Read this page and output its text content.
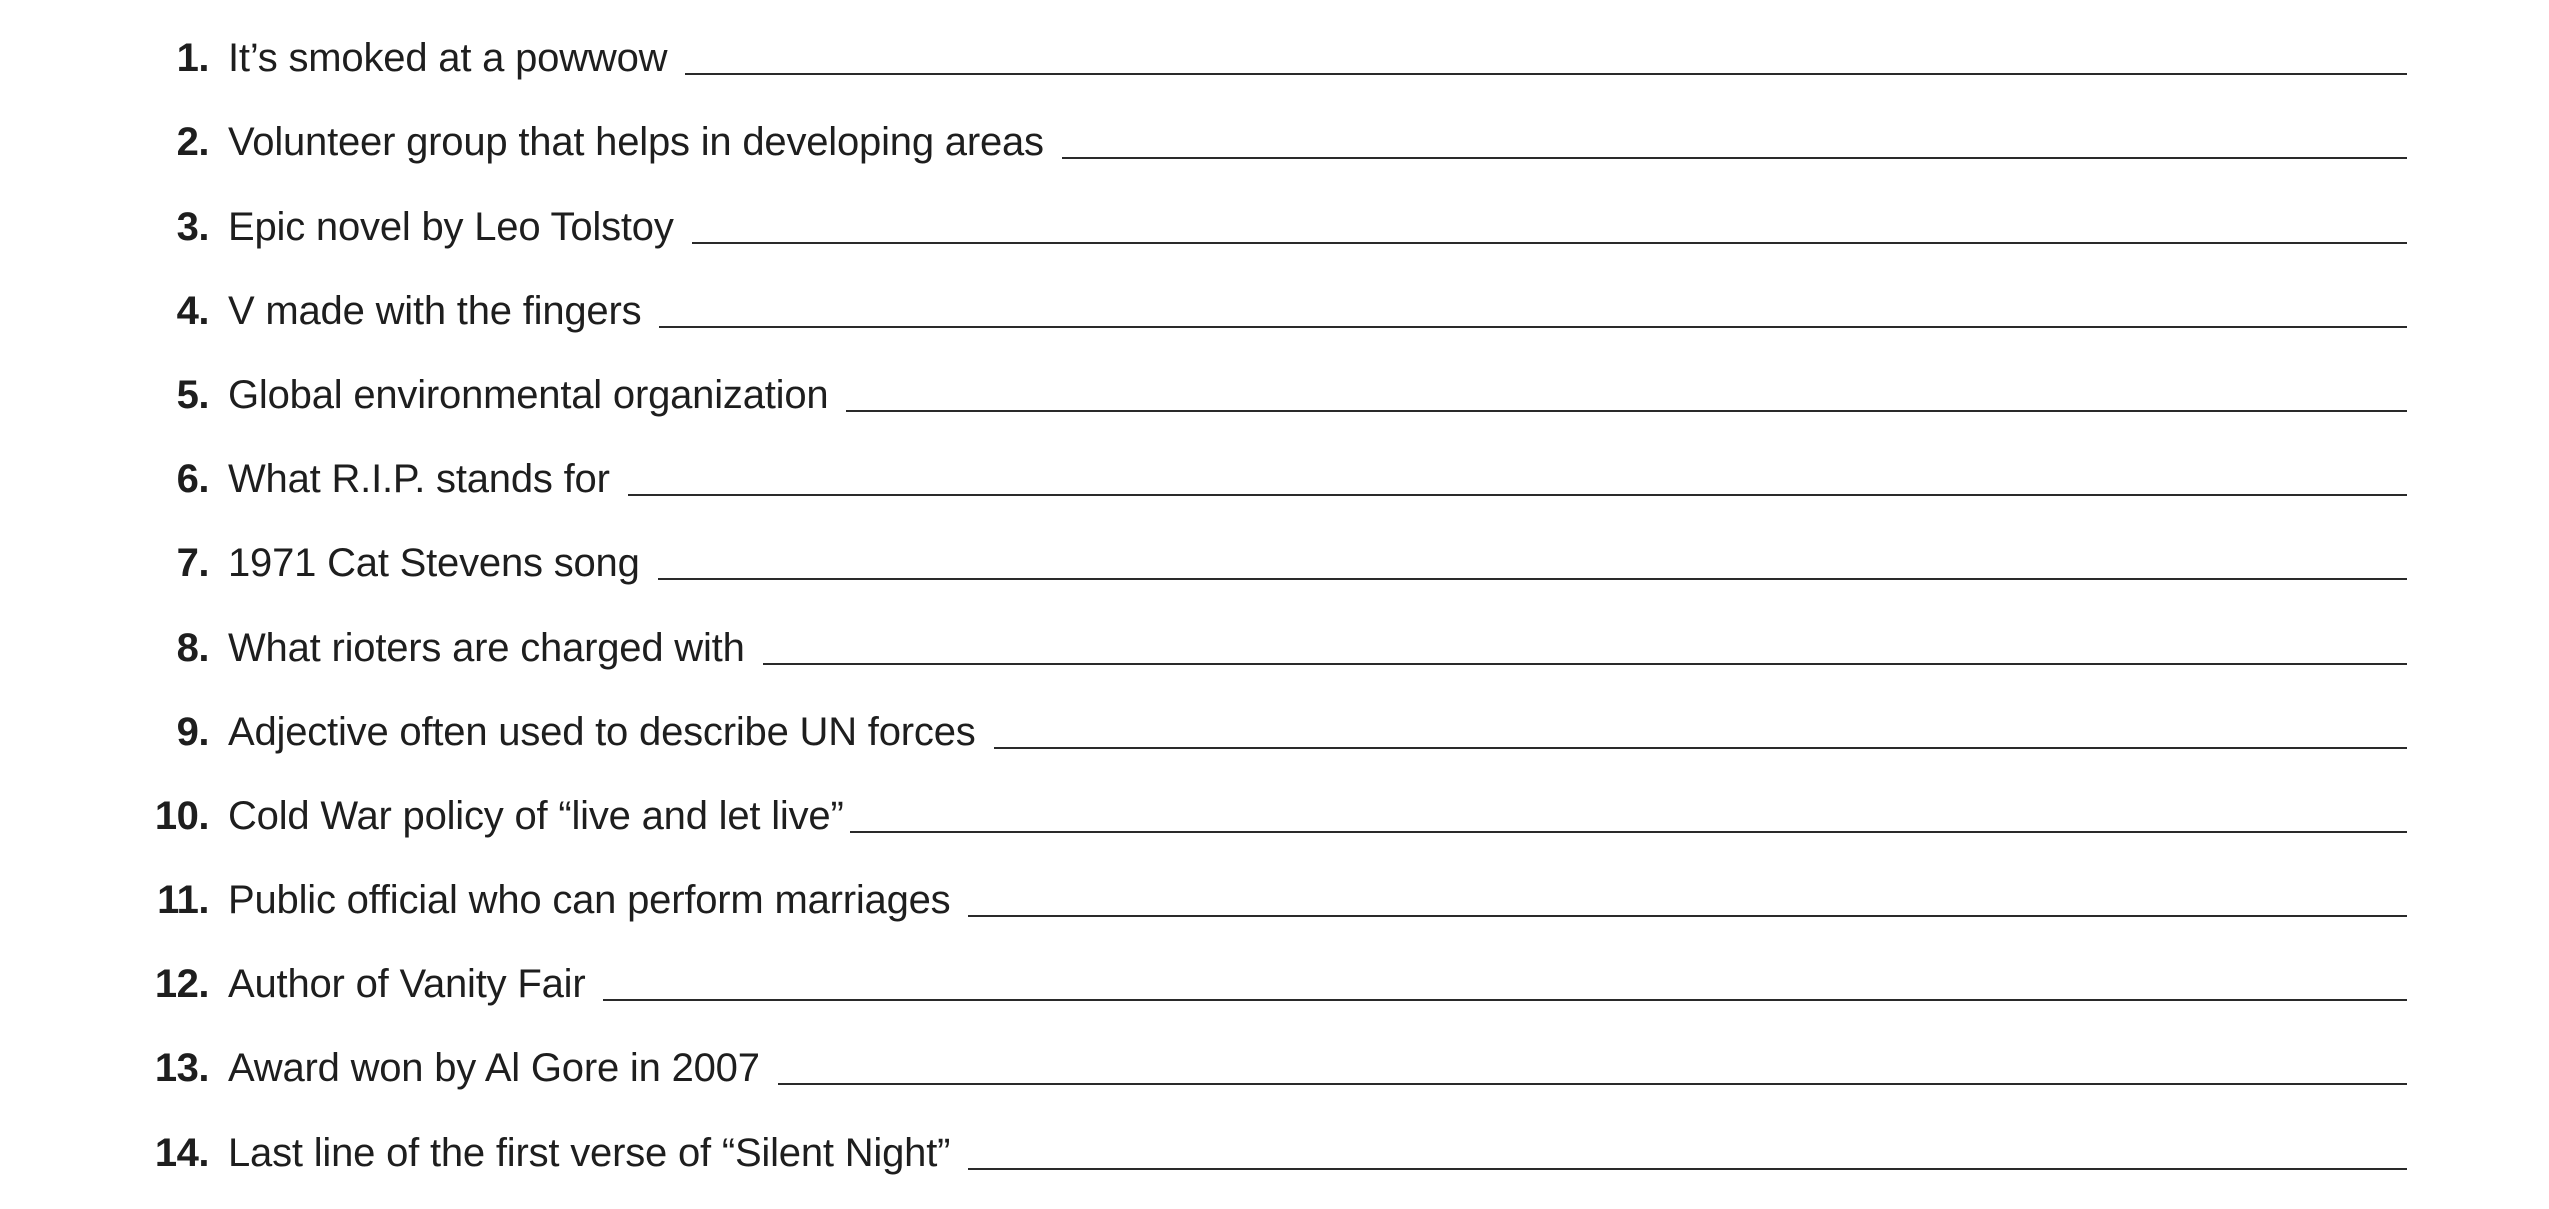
1. It’s smoked at a powwow
2. Volunteer group that helps in developing areas
3. Epic novel by Leo Tolstoy
4. V made with the fingers
5. Global environmental organization
6. What R.I.P. stands for
7. 1971 Cat Stevens song
8. What rioters are charged with
9. Adjective often used to describe UN forces
10. Cold War policy of “live and let live”
11. Public official who can perform marriages
12. Author of Vanity Fair
13. Award won by Al Gore in 2007
14. Last line of the first verse of “Silent Night”
